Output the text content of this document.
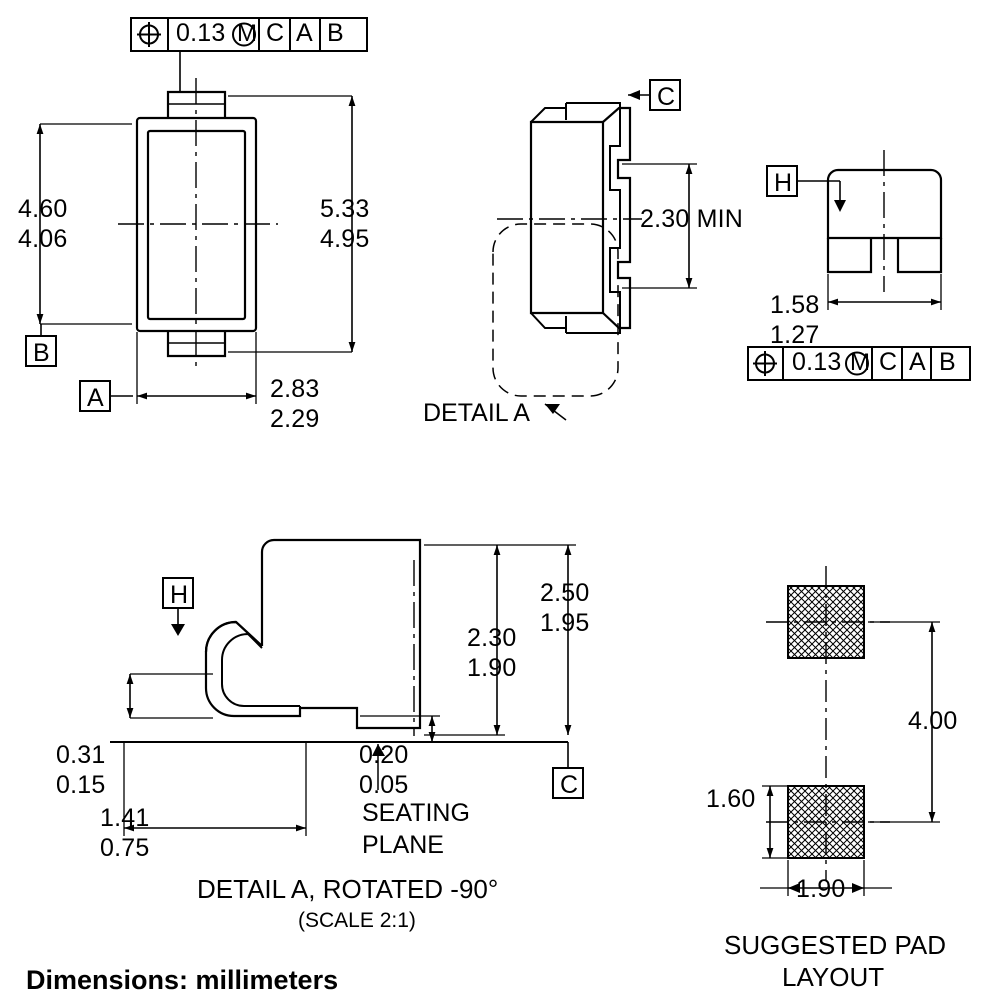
0.13 M C A B
4.60
4.06
5.33
4.95
2.83
2.29
B
A
C
2.30 MIN
DETAIL A
H
1.58
1.27
0.13 M C A B
H
C
2.50
1.95
2.30
1.90
0.31
0.15
0.20
0.05
1.41
0.75
SEATING
PLANE
DETAIL A, ROTATED -90°
(SCALE 2:1)
4.00
1.60
1.90
SUGGESTED PAD
LAYOUT
Dimensions: millimeters
